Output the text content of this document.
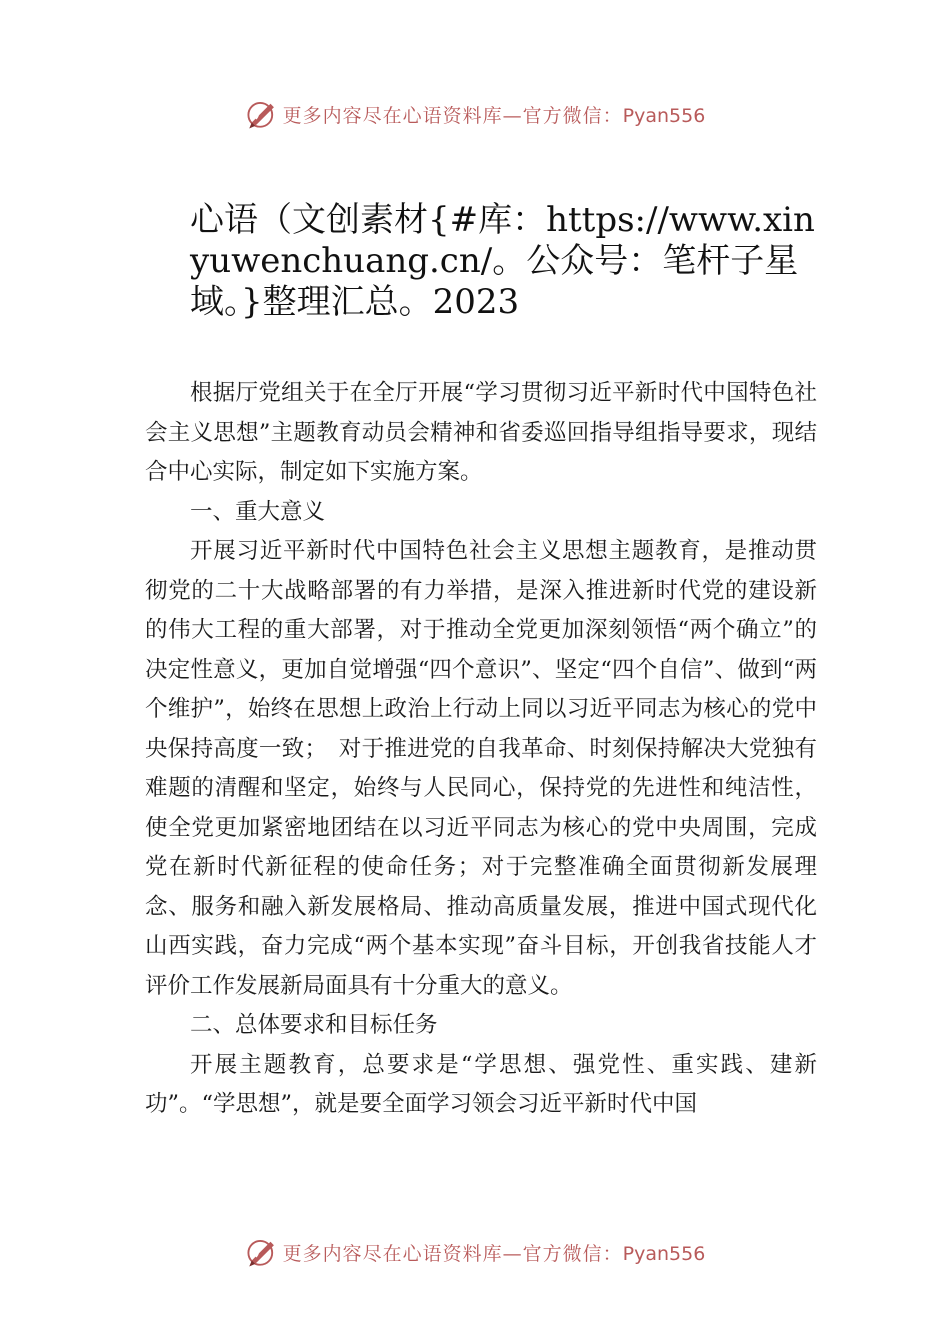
更多内容尽在心语资料库—官方微信：Pyan556
心语（文创素材{#库：https://www.xinyuwenchuang.cn/。公众号：笔杆子星域。}整理汇总。2023

根据厅党组关于在全厅开展“学习贯彻习近平新时代中国特色社会主义思想”主题教育动员会精神和省委巡回指导组指导要求，现结合中心实际，制定如下实施方案。

一、重大意义

开展习近平新时代中国特色社会主义思想主题教育，是推动贯彻党的二十大战略部署的有力举措，是深入推进新时代党的建设新的伟大工程的重大部署，对于推动全党更加深刻领悟“两个确立”的决定性意义，更加自觉增强“四个意识”、坚定“四个自信”、做到“两个维护”，始终在思想上政治上行动上同以习近平同志为核心的党中央保持高度一致；　对于推进党的自我革命、时刻保持解决大党独有难题的清醒和坚定，始终与人民同心，保持党的先进性和纯洁性，使全党更加紧密地团结在以习近平同志为核心的党中央周围，完成党在新时代新征程的使命任务；对于完整准确全面贯彻新发展理念、服务和融入新发展格局、推动高质量发展，推进中国式现代化山西实践，奋力完成“两个基本实现”奋斗目标，开创我省技能人才评价工作发展新局面具有十分重大的意义。

二、总体要求和目标任务

开展主题教育，总要求是“学思想、强党性、重实践、建新功”。“学思想”，就是要全面学习领会习近平新时代中国

更多内容尽在心语资料库—官方微信：Pyan556
